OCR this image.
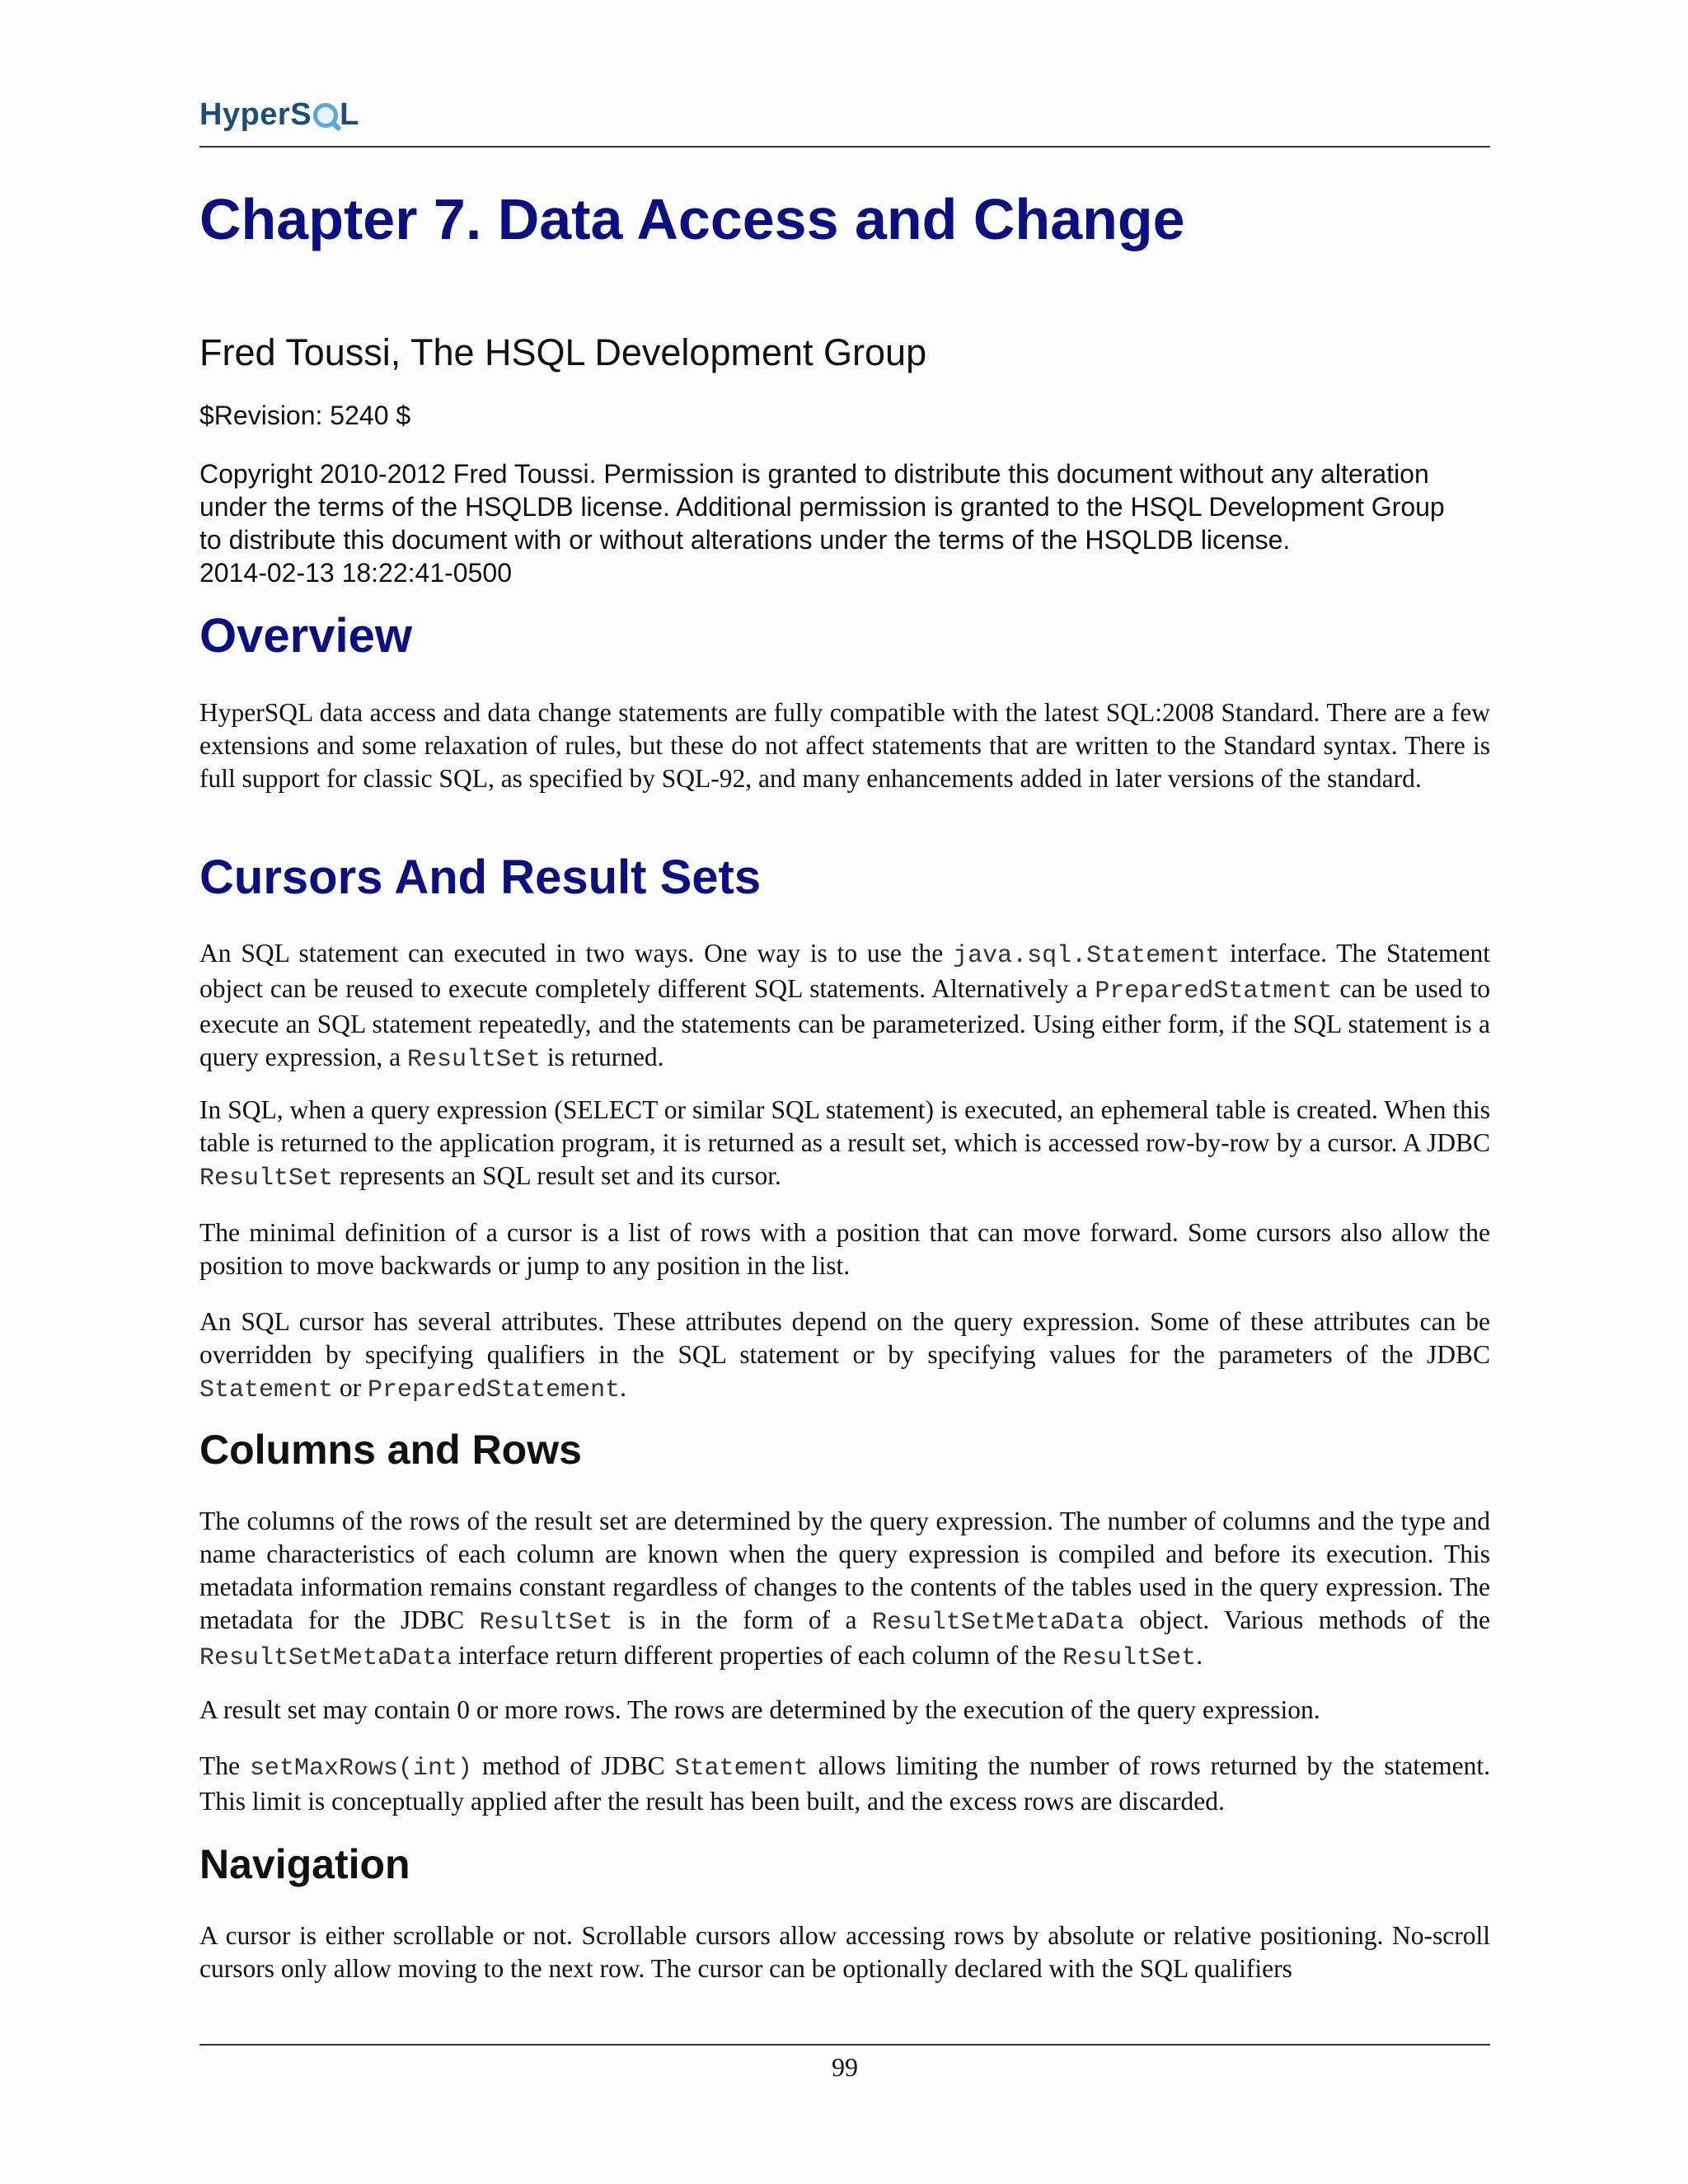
HyperS L
Chapter 7. Data Access and Change
Fred Toussi, The HSQL Development Group
$Revision: 5240 $
Copyright 2010-2012 Fred Toussi. Permission is granted to distribute this document without any alteration
under the terms of the HSQLDB license. Additional permission is granted to the HSQL Development Group
to distribute this document with or without alterations under the terms of the HSQLDB license.
2014-02-13 18:22:41-0500
Overview

HyperSQL data access and data change statements are fully compatible with the latest SQL:2008 Standard. There are a few extensions and some relaxation of rules, but these do not affect statements that are written to the Standard syntax. There is full support for classic SQL, as specified by SQL-92, and many enhancements added in later versions of the standard.

Cursors And Result Sets

An SQL statement can executed in two ways. One way is to use the java.sql.Statement interface. The Statement object can be reused to execute completely different SQL statements. Alternatively a PreparedStatment can be used to execute an SQL statement repeatedly, and the statements can be parameterized. Using either form, if the SQL statement is a query expression, a ResultSet is returned.

In SQL, when a query expression (SELECT or similar SQL statement) is executed, an ephemeral table is created. When this table is returned to the application program, it is returned as a result set, which is accessed row-by-row by a cursor. A JDBC ResultSet represents an SQL result set and its cursor.

The minimal definition of a cursor is a list of rows with a position that can move forward. Some cursors also allow the position to move backwards or jump to any position in the list.

An SQL cursor has several attributes. These attributes depend on the query expression. Some of these attributes can be overridden by specifying qualifiers in the SQL statement or by specifying values for the parameters of the JDBC Statement or PreparedStatement.

Columns and Rows

The columns of the rows of the result set are determined by the query expression. The number of columns and the type and name characteristics of each column are known when the query expression is compiled and before its execution. This metadata information remains constant regardless of changes to the contents of the tables used in the query expression. The metadata for the JDBC ResultSet is in the form of a ResultSetMetaData object. Various methods of the ResultSetMetaData interface return different properties of each column of the ResultSet.

A result set may contain 0 or more rows. The rows are determined by the execution of the query expression.

The setMaxRows(int) method of JDBC Statement allows limiting the number of rows returned by the statement. This limit is conceptually applied after the result has been built, and the excess rows are discarded.

Navigation

A cursor is either scrollable or not. Scrollable cursors allow accessing rows by absolute or relative positioning. No-scroll cursors only allow moving to the next row. The cursor can be optionally declared with the SQL qualifiers

99
